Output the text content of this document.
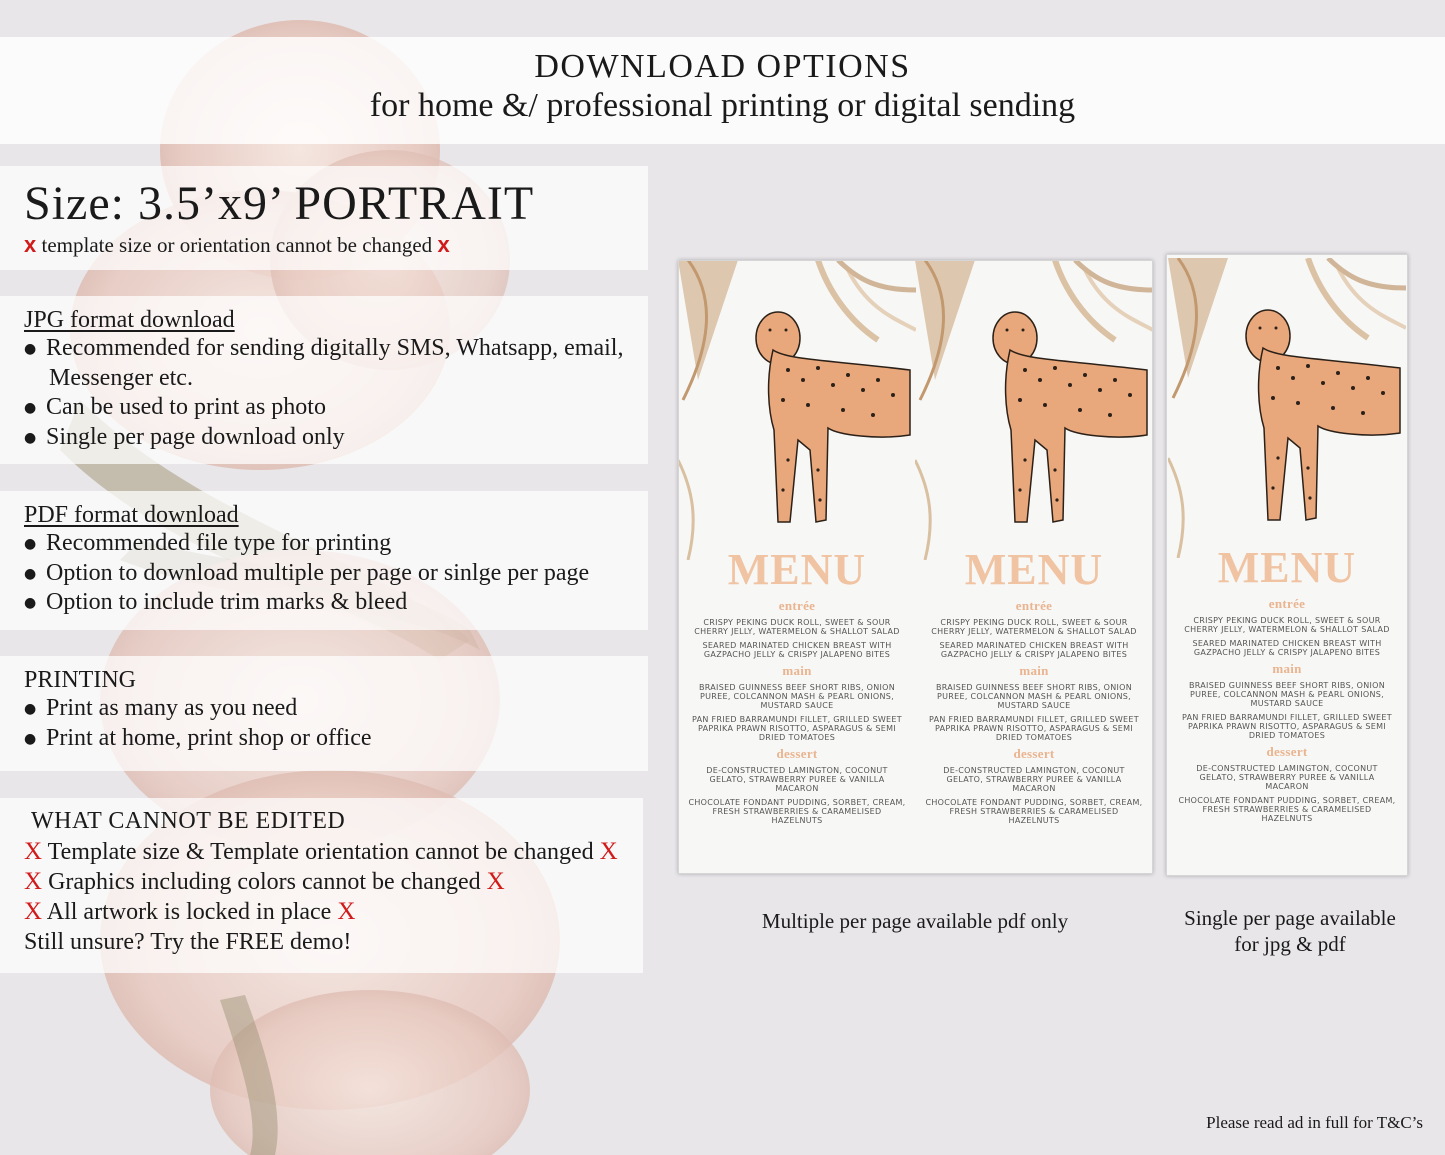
DOWNLOAD OPTIONS
for home &/ professional printing or digital sending
Size: 3.5’x9’ PORTRAIT
x template size or orientation cannot be changed x
JPG format download
● Recommended for sending digitally SMS, Whatsapp, email,
Messenger etc.
● Can be used to print as photo
● Single per page download only
PDF format download
● Recommended file type for printing
● Option to download multiple per page or sinlge per page
● Option to include trim marks & bleed
PRINTING
● Print as many as you need
● Print at home, print shop or office
WHAT CANNOT BE EDITED
X Template size & Template orientation cannot be changed X
X Graphics including colors cannot be changed X
X All artwork is locked in place X
Still unsure? Try the FREE demo!
MENU
entrée
CRISPY PEKING DUCK ROLL, SWEET & SOUR CHERRY JELLY, WATERMELON & SHALLOT SALAD
SEARED MARINATED CHICKEN BREAST WITH GAZPACHO JELLY & CRISPY JALAPENO BITES
main
BRAISED GUINNESS BEEF SHORT RIBS, ONION PUREE, COLCANNON MASH & PEARL ONIONS, MUSTARD SAUCE
PAN FRIED BARRAMUNDI FILLET, GRILLED SWEET PAPRIKA PRAWN RISOTTO, ASPARAGUS & SEMI DRIED TOMATOES
dessert
DE-CONSTRUCTED LAMINGTON, COCONUT GELATO, STRAWBERRY PUREE & VANILLA MACARON
CHOCOLATE FONDANT PUDDING, SORBET, CREAM, FRESH STRAWBERRIES & CARAMELISED HAZELNUTS
MENU
entrée
CRISPY PEKING DUCK ROLL, SWEET & SOUR CHERRY JELLY, WATERMELON & SHALLOT SALAD
SEARED MARINATED CHICKEN BREAST WITH GAZPACHO JELLY & CRISPY JALAPENO BITES
main
BRAISED GUINNESS BEEF SHORT RIBS, ONION PUREE, COLCANNON MASH & PEARL ONIONS, MUSTARD SAUCE
PAN FRIED BARRAMUNDI FILLET, GRILLED SWEET PAPRIKA PRAWN RISOTTO, ASPARAGUS & SEMI DRIED TOMATOES
dessert
DE-CONSTRUCTED LAMINGTON, COCONUT GELATO, STRAWBERRY PUREE & VANILLA MACARON
CHOCOLATE FONDANT PUDDING, SORBET, CREAM, FRESH STRAWBERRIES & CARAMELISED HAZELNUTS
MENU
entrée
CRISPY PEKING DUCK ROLL, SWEET & SOUR CHERRY JELLY, WATERMELON & SHALLOT SALAD
SEARED MARINATED CHICKEN BREAST WITH GAZPACHO JELLY & CRISPY JALAPENO BITES
main
BRAISED GUINNESS BEEF SHORT RIBS, ONION PUREE, COLCANNON MASH & PEARL ONIONS, MUSTARD SAUCE
PAN FRIED BARRAMUNDI FILLET, GRILLED SWEET PAPRIKA PRAWN RISOTTO, ASPARAGUS & SEMI DRIED TOMATOES
dessert
DE-CONSTRUCTED LAMINGTON, COCONUT GELATO, STRAWBERRY PUREE & VANILLA MACARON
CHOCOLATE FONDANT PUDDING, SORBET, CREAM, FRESH STRAWBERRIES & CARAMELISED HAZELNUTS
Multiple per page available pdf only	Single per page available
for jpg & pdf
Please read ad in full for T&C’s
